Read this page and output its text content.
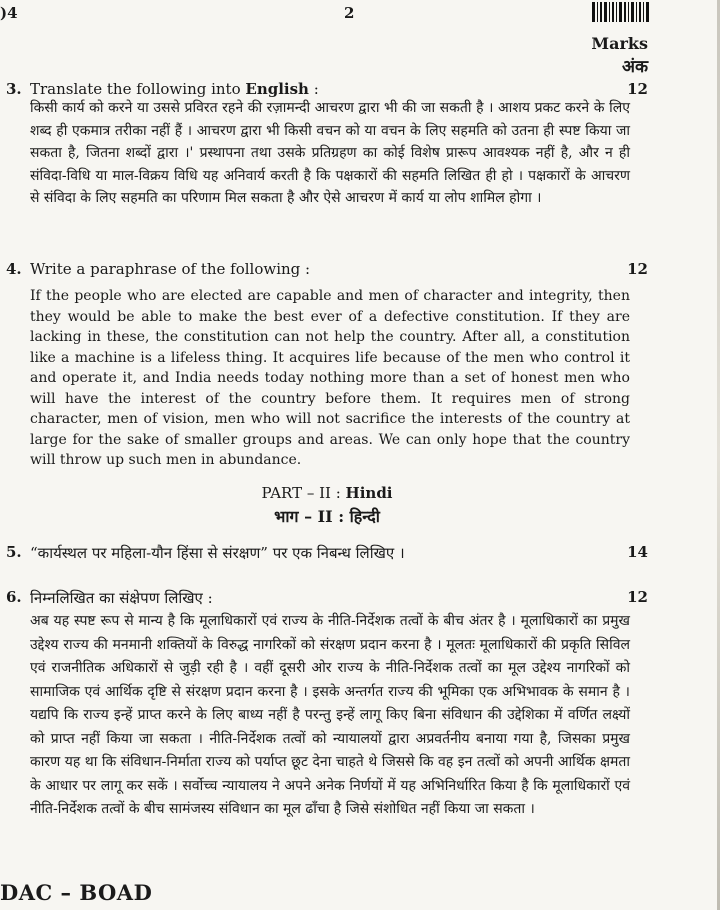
)4	2
Marks
अंक
3. Translate the following into English :	12
किसी कार्य को करने या उससे प्रविरत रहने की रज़ामन्दी आचरण द्वारा भी की जा सकती है । आशय प्रकट करने के लिए शब्द ही एकमात्र तरीका नहीं हैं । आचरण द्वारा भी किसी वचन को या वचन के लिए सहमति को उतना ही स्पष्ट किया जा सकता है, जितना शब्दों द्वारा ।' प्रस्थापना तथा उसके प्रतिग्रहण का कोई विशेष प्रारूप आवश्यक नहीं है, और न ही संविदा-विधि या माल-विक्रय विधि यह अनिवार्य करती है कि पक्षकारों की सहमति लिखित ही हो । पक्षकारों के आचरण से संविदा के लिए सहमति का परिणाम मिल सकता है और ऐसे आचरण में कार्य या लोप शामिल होगा ।
4. Write a paraphrase of the following :	12
If the people who are elected are capable and men of character and integrity, then they would be able to make the best ever of a defective constitution. If they are lacking in these, the constitution can not help the country. After all, a constitution like a machine is a lifeless thing. It acquires life because of the men who control it and operate it, and India needs today nothing more than a set of honest men who will have the interest of the country before them. It requires men of strong character, men of vision, men who will not sacrifice the interests of the country at large for the sake of smaller groups and areas. We can only hope that the country will throw up such men in abundance.
PART – II : Hindi
भाग – II : हिन्दी
5. “कार्यस्थल पर महिला-यौन हिंसा से संरक्षण” पर एक निबन्ध लिखिए ।	14
6. निम्नलिखित का संक्षेपण लिखिए :	12
अब यह स्पष्ट रूप से मान्य है कि मूलाधिकारों एवं राज्य के नीति-निर्देशक तत्वों के बीच अंतर है । मूलाधिकारों का प्रमुख उद्देश्य राज्य की मनमानी शक्तियों के विरुद्ध नागरिकों को संरक्षण प्रदान करना है । मूलतः मूलाधिकारों की प्रकृति सिविल एवं राजनीतिक अधिकारों से जुड़ी रही है । वहीं दूसरी ओर राज्य के नीति-निर्देशक तत्वों का मूल उद्देश्य नागरिकों को सामाजिक एवं आर्थिक दृष्टि से संरक्षण प्रदान करना है । इसके अन्तर्गत राज्य की भूमिका एक अभिभावक के समान है । यद्यपि कि राज्य इन्हें प्राप्त करने के लिए बाध्य नहीं है परन्तु इन्हें लागू किए बिना संविधान की उद्देशिका में वर्णित लक्ष्यों को प्राप्त नहीं किया जा सकता । नीति-निर्देशक तत्वों को न्यायालयों द्वारा अप्रवर्तनीय बनाया गया है, जिसका प्रमुख कारण यह था कि संविधान-निर्माता राज्य को पर्याप्त छूट देना चाहते थे जिससे कि वह इन तत्वों को अपनी आर्थिक क्षमता के आधार पर लागू कर सकें । सर्वोच्च न्यायालय ने अपने अनेक निर्णयों में यह अभिनिर्धारित किया है कि मूलाधिकारों एवं नीति-निर्देशक तत्वों के बीच सामंजस्य संविधान का मूल ढाँचा है जिसे संशोधित नहीं किया जा सकता ।
DAC – BOAD
